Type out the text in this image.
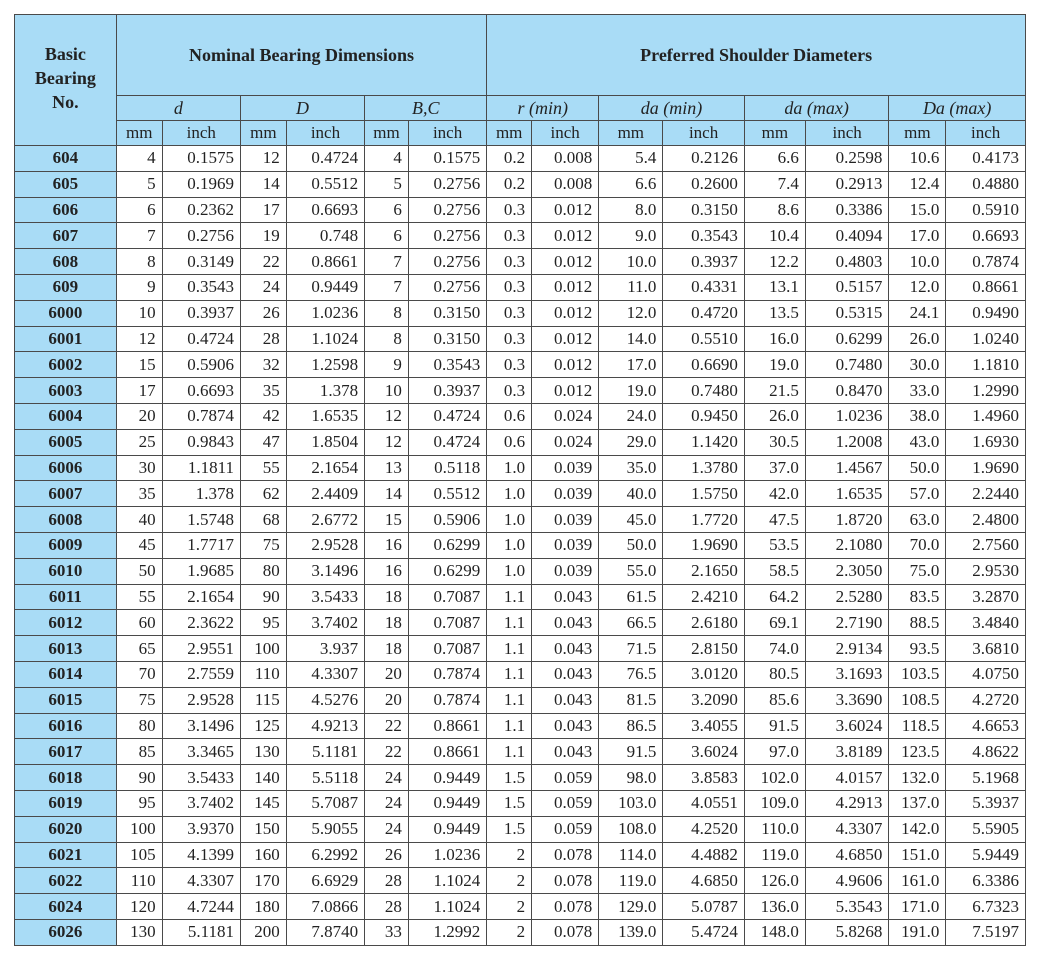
Basic
Bearing
No.	Nominal Bearing Dimensions						Preferred Shoulder Diameters							
	d		D		B,C		r (min)		da (min)		da (max)		Da (max)	
	mm	inch	mm	inch	mm	inch	mm	inch	mm	inch	mm	inch	mm	inch
604	4	0.1575	12	0.4724	4	0.1575	0.2	0.008	5.4	0.2126	6.6	0.2598	10.6	0.4173
605	5	0.1969	14	0.5512	5	0.2756	0.2	0.008	6.6	0.2600	7.4	0.2913	12.4	0.4880
606	6	0.2362	17	0.6693	6	0.2756	0.3	0.012	8.0	0.3150	8.6	0.3386	15.0	0.5910
607	7	0.2756	19	0.748	6	0.2756	0.3	0.012	9.0	0.3543	10.4	0.4094	17.0	0.6693
608	8	0.3149	22	0.8661	7	0.2756	0.3	0.012	10.0	0.3937	12.2	0.4803	10.0	0.7874
609	9	0.3543	24	0.9449	7	0.2756	0.3	0.012	11.0	0.4331	13.1	0.5157	12.0	0.8661
6000	10	0.3937	26	1.0236	8	0.3150	0.3	0.012	12.0	0.4720	13.5	0.5315	24.1	0.9490
6001	12	0.4724	28	1.1024	8	0.3150	0.3	0.012	14.0	0.5510	16.0	0.6299	26.0	1.0240
6002	15	0.5906	32	1.2598	9	0.3543	0.3	0.012	17.0	0.6690	19.0	0.7480	30.0	1.1810
6003	17	0.6693	35	1.378	10	0.3937	0.3	0.012	19.0	0.7480	21.5	0.8470	33.0	1.2990
6004	20	0.7874	42	1.6535	12	0.4724	0.6	0.024	24.0	0.9450	26.0	1.0236	38.0	1.4960
6005	25	0.9843	47	1.8504	12	0.4724	0.6	0.024	29.0	1.1420	30.5	1.2008	43.0	1.6930
6006	30	1.1811	55	2.1654	13	0.5118	1.0	0.039	35.0	1.3780	37.0	1.4567	50.0	1.9690
6007	35	1.378	62	2.4409	14	0.5512	1.0	0.039	40.0	1.5750	42.0	1.6535	57.0	2.2440
6008	40	1.5748	68	2.6772	15	0.5906	1.0	0.039	45.0	1.7720	47.5	1.8720	63.0	2.4800
6009	45	1.7717	75	2.9528	16	0.6299	1.0	0.039	50.0	1.9690	53.5	2.1080	70.0	2.7560
6010	50	1.9685	80	3.1496	16	0.6299	1.0	0.039	55.0	2.1650	58.5	2.3050	75.0	2.9530
6011	55	2.1654	90	3.5433	18	0.7087	1.1	0.043	61.5	2.4210	64.2	2.5280	83.5	3.2870
6012	60	2.3622	95	3.7402	18	0.7087	1.1	0.043	66.5	2.6180	69.1	2.7190	88.5	3.4840
6013	65	2.9551	100	3.937	18	0.7087	1.1	0.043	71.5	2.8150	74.0	2.9134	93.5	3.6810
6014	70	2.7559	110	4.3307	20	0.7874	1.1	0.043	76.5	3.0120	80.5	3.1693	103.5	4.0750
6015	75	2.9528	115	4.5276	20	0.7874	1.1	0.043	81.5	3.2090	85.6	3.3690	108.5	4.2720
6016	80	3.1496	125	4.9213	22	0.8661	1.1	0.043	86.5	3.4055	91.5	3.6024	118.5	4.6653
6017	85	3.3465	130	5.1181	22	0.8661	1.1	0.043	91.5	3.6024	97.0	3.8189	123.5	4.8622
6018	90	3.5433	140	5.5118	24	0.9449	1.5	0.059	98.0	3.8583	102.0	4.0157	132.0	5.1968
6019	95	3.7402	145	5.7087	24	0.9449	1.5	0.059	103.0	4.0551	109.0	4.2913	137.0	5.3937
6020	100	3.9370	150	5.9055	24	0.9449	1.5	0.059	108.0	4.2520	110.0	4.3307	142.0	5.5905
6021	105	4.1399	160	6.2992	26	1.0236	2	0.078	114.0	4.4882	119.0	4.6850	151.0	5.9449
6022	110	4.3307	170	6.6929	28	1.1024	2	0.078	119.0	4.6850	126.0	4.9606	161.0	6.3386
6024	120	4.7244	180	7.0866	28	1.1024	2	0.078	129.0	5.0787	136.0	5.3543	171.0	6.7323
6026	130	5.1181	200	7.8740	33	1.2992	2	0.078	139.0	5.4724	148.0	5.8268	191.0	7.5197
